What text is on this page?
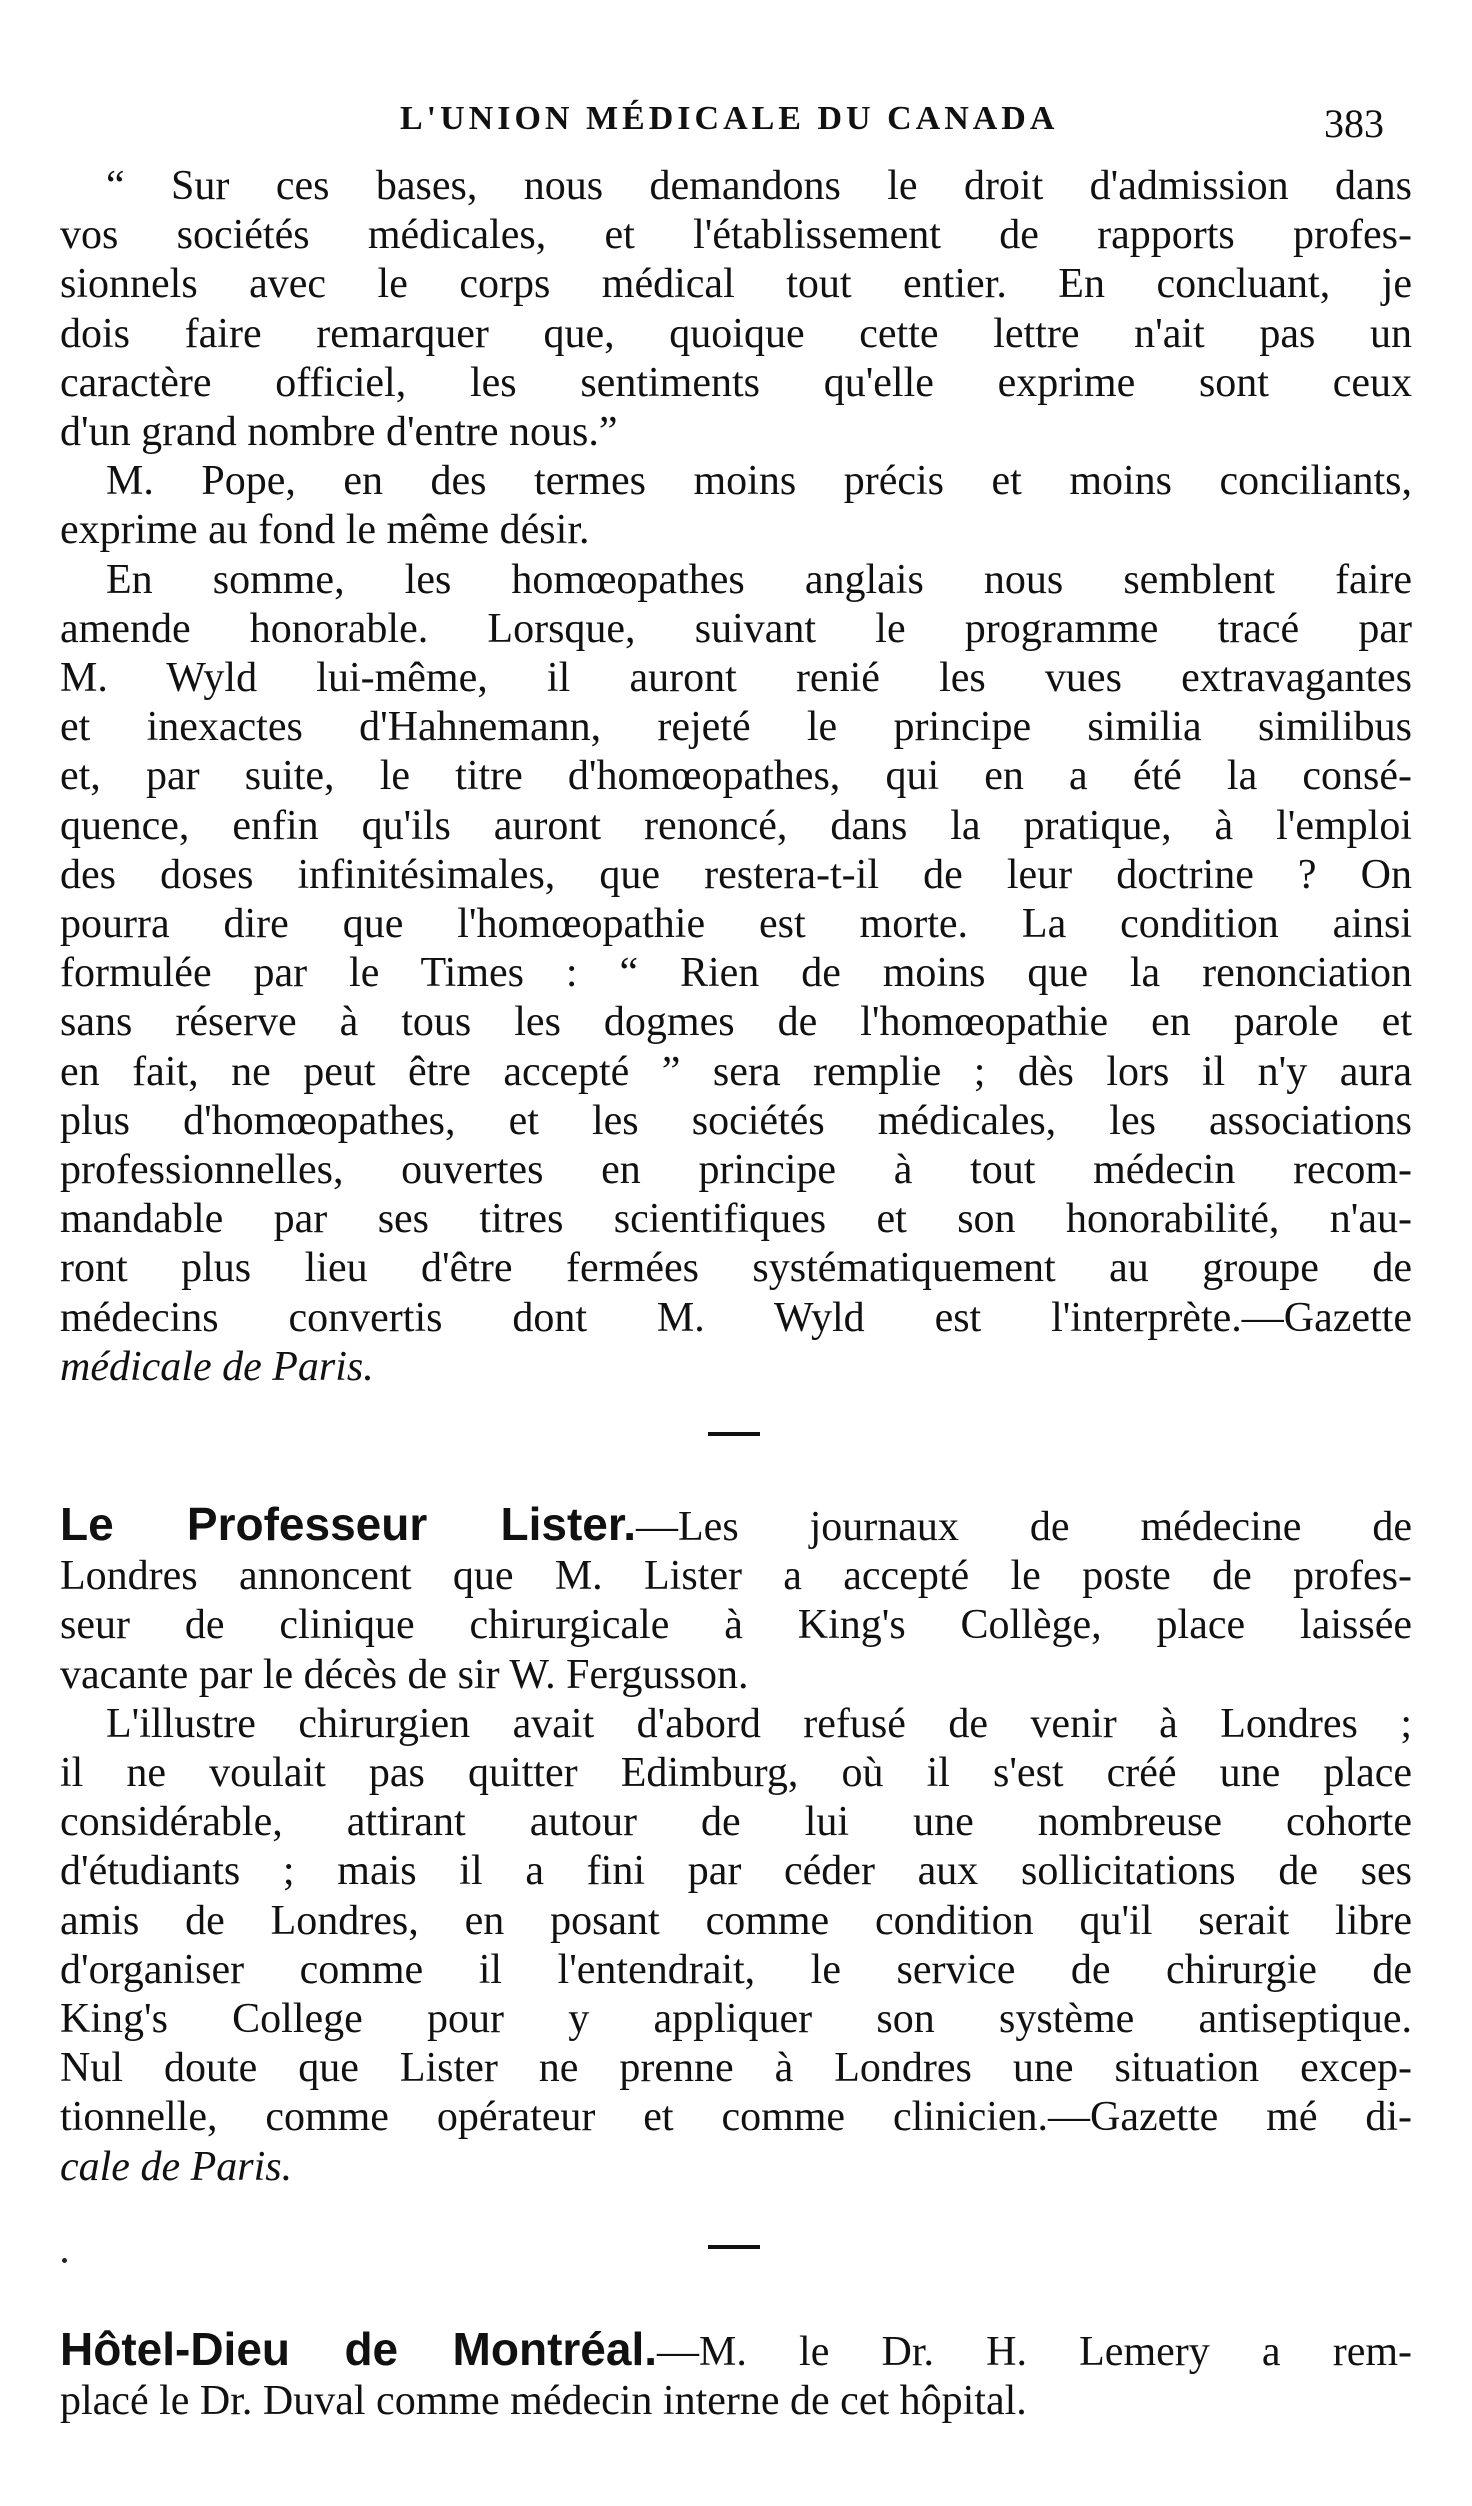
L'UNION MÉDICALE DU CANADA	383

“ Sur ces bases, nous demandons le droit d'admission dans
vos sociétés médicales, et l'établissement de rapports profes-
sionnels avec le corps médical tout entier. En concluant, je
dois faire remarquer que, quoique cette lettre n'ait pas un
caractère officiel, les sentiments qu'elle exprime sont ceux
d'un grand nombre d'entre nous.”

M. Pope, en des termes moins précis et moins conciliants,
exprime au fond le même désir.

En somme, les homœopathes anglais nous semblent faire
amende honorable. Lorsque, suivant le programme tracé par
M. Wyld lui-même, il auront renié les vues extravagantes
et inexactes d'Hahnemann, rejeté le principe similia similibus
et, par suite, le titre d'homœopathes, qui en a été la consé-
quence, enfin qu'ils auront renoncé, dans la pratique, à l'emploi
des doses infinitésimales, que restera-t-il de leur doctrine ? On
pourra dire que l'homœopathie est morte. La condition ainsi
formulée par le Times : “ Rien de moins que la renonciation
sans réserve à tous les dogmes de l'homœopathie en parole et
en fait, ne peut être accepté ” sera remplie ; dès lors il n'y aura
plus d'homœopathes, et les sociétés médicales, les associations
professionnelles, ouvertes en principe à tout médecin recom-
mandable par ses titres scientifiques et son honorabilité, n'au-
ront plus lieu d'être fermées systématiquement au groupe de
médecins convertis dont M. Wyld est l'interprète.—Gazette
médicale de Paris.

Le Professeur Lister.—Les journaux de médecine de
Londres annoncent que M. Lister a accepté le poste de profes-
seur de clinique chirurgicale à King's Collège, place laissée
vacante par le décès de sir W. Fergusson.

L'illustre chirurgien avait d'abord refusé de venir à Londres ;
il ne voulait pas quitter Edimburg, où il s'est créé une place
considérable, attirant autour de lui une nombreuse cohorte
d'étudiants ; mais il a fini par céder aux sollicitations de ses
amis de Londres, en posant comme condition qu'il serait libre
d'organiser comme il l'entendrait, le service de chirurgie de
King's College pour y appliquer son système antiseptique.
Nul doute que Lister ne prenne à Londres une situation excep-
tionnelle, comme opérateur et comme clinicien.—Gazette mé di-
cale de Paris.

Hôtel-Dieu de Montréal.—M. le Dr. H. Lemery a rem-
placé le Dr. Duval comme médecin interne de cet hôpital.
